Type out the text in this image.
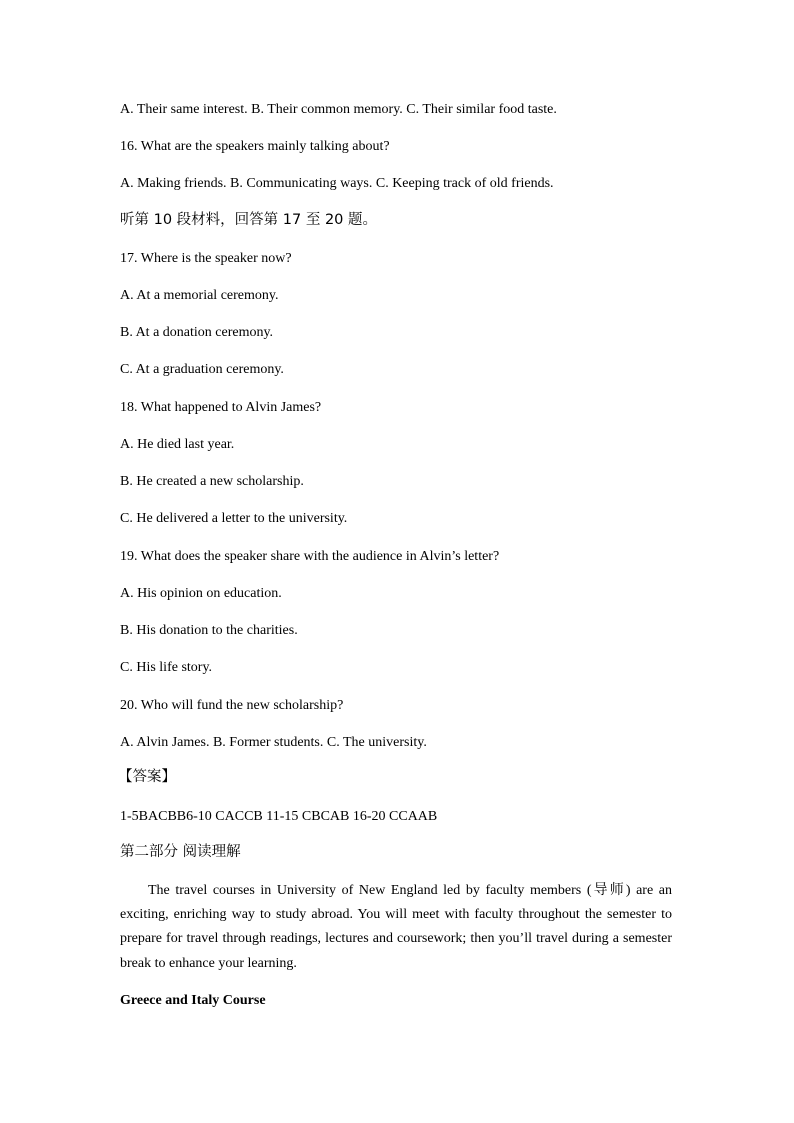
A. Their same interest. B. Their common memory. C. Their similar food taste.
16. What are the speakers mainly talking about?
A. Making friends. B. Communicating ways. C. Keeping track of old friends.
听第 10 段材料，回答第 17 至 20 题。
17. Where is the speaker now?
A. At a memorial ceremony.
B. At a donation ceremony.
C. At a graduation ceremony.
18. What happened to Alvin James?
A. He died last year.
B. He created a new scholarship.
C. He delivered a letter to the university.
19. What does the speaker share with the audience in Alvin’s letter?
A. His opinion on education.
B. His donation to the charities.
C. His life story.
20. Who will fund the new scholarship?
A. Alvin James. B. Former students. C. The university.
【答案】
1-5BACBB6-10 CACCB 11-15 CBCAB 16-20 CCAAB
第二部分 阅读理解
The travel courses in University of New England led by faculty members (导师) are an exciting, enriching way to study abroad. You will meet with faculty throughout the semester to prepare for travel through readings, lectures and coursework; then you’ll travel during a semester break to enhance your learning.
Greece and Italy Course
